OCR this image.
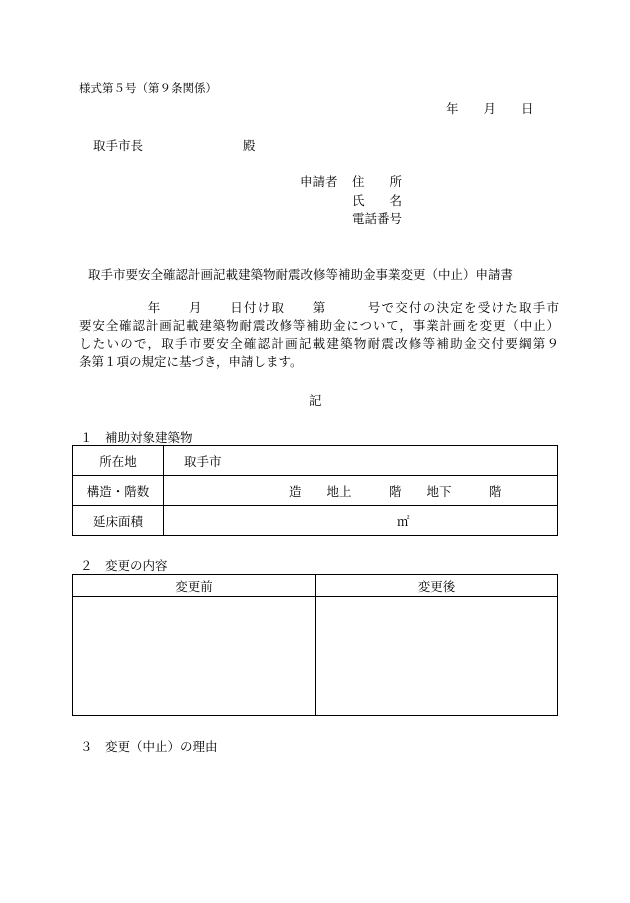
様式第５号（第９条関係）
年　　月　　日
取手市長　　　　　　　　殿
申請者 住　　所
氏　　名
電話番号
取手市要安全確認計画記載建築物耐震改修等補助金事業変更（中止）申請書
　　　　　年　　月　　日付け取　　第　　　号で交付の決定を受けた取手市
要安全確認計画記載建築物耐震改修等補助金について，事業計画を変更（中止）
したいので，取手市要安全確認計画記載建築物耐震改修等補助金交付要綱第９
条第１項の規定に基づき，申請します。
記
１　補助対象建築物
所在地	取手市
構造・階数	造　　地上　　　階　　地下　　　階
延床面積	㎡
２　変更の内容
変更前	変更後

３　変更（中止）の理由
